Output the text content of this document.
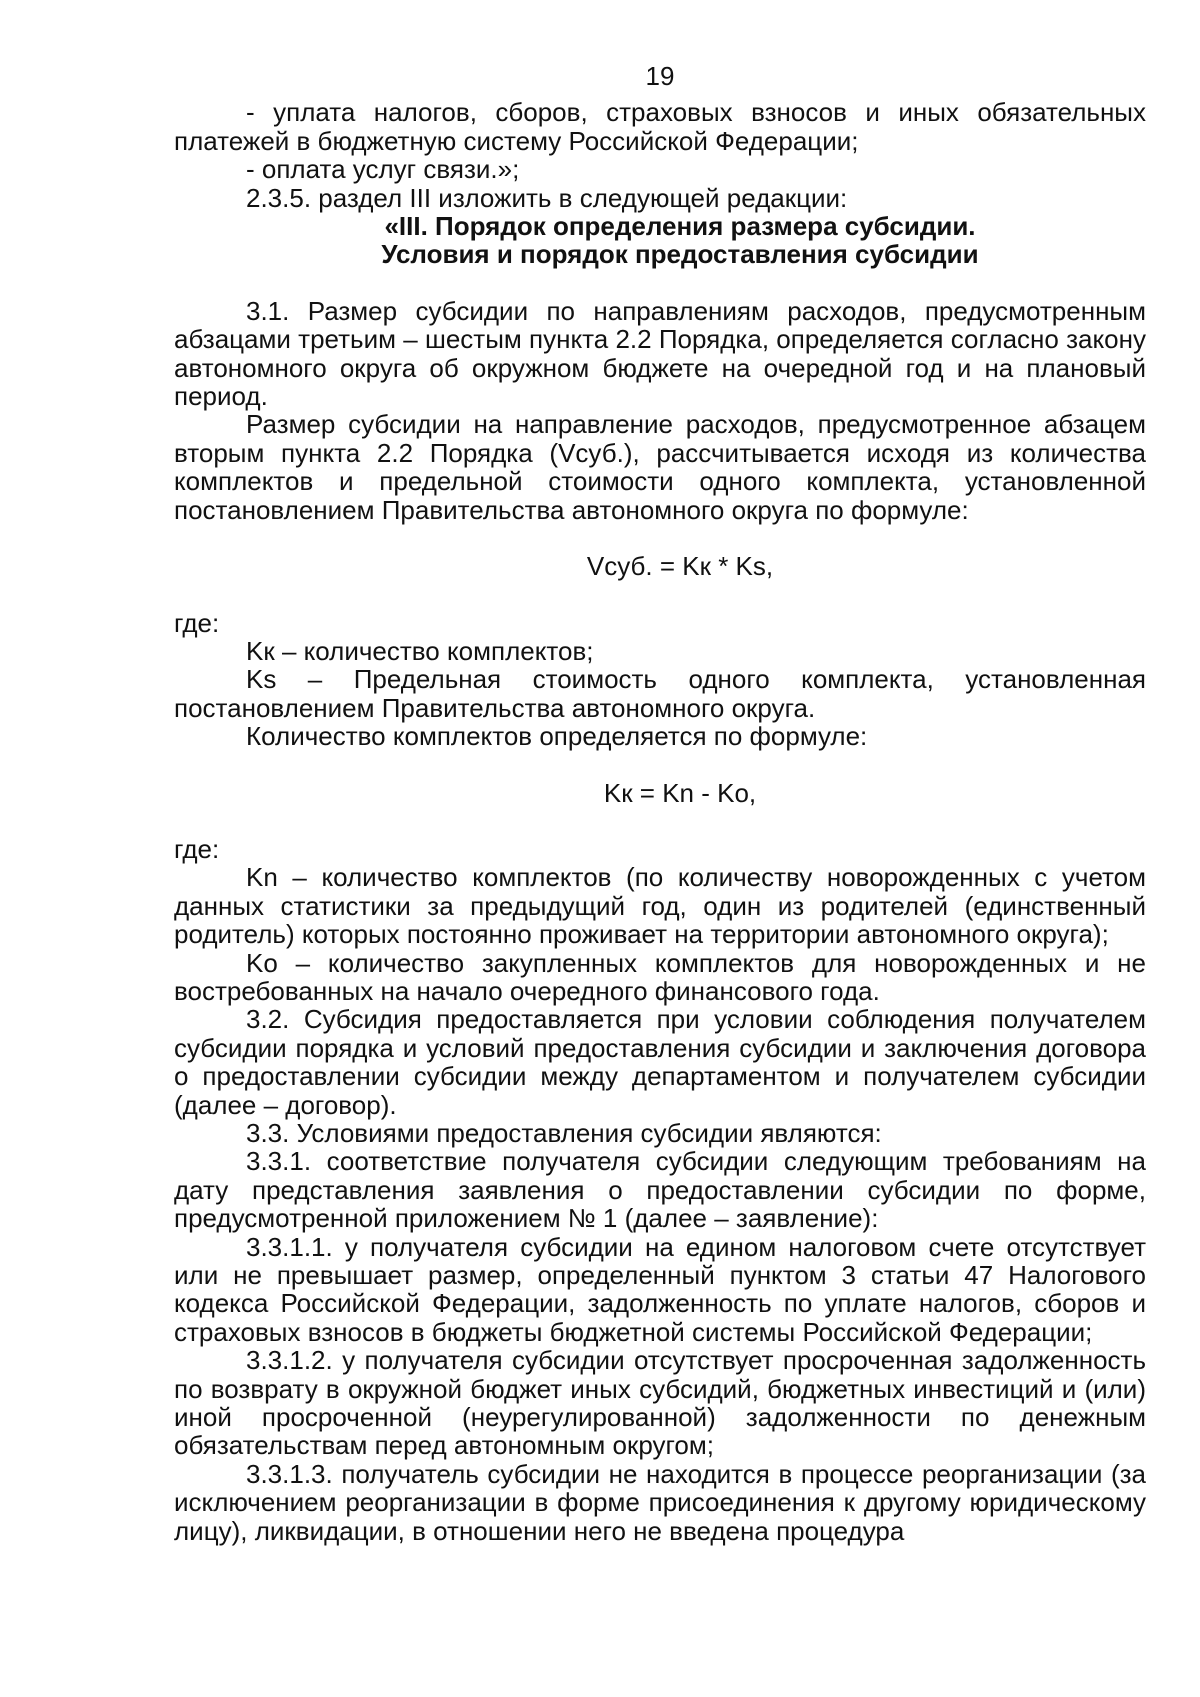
19

- уплата налогов, сборов, страховых взносов и иных обязательных платежей в бюджетную систему Российской Федерации;

- оплата услуг связи.»;

2.3.5. раздел III изложить в следующей редакции:

«III. Порядок определения размера субсидии.

Условия и порядок предоставления субсидии

3.1. Размер субсидии по направлениям расходов, предусмотренным абзацами третьим – шестым пункта 2.2 Порядка, определяется согласно закону автономного округа об окружном бюджете на очередной год и на плановый период.

Размер субсидии на направление расходов, предусмотренное абзацем вторым пункта 2.2 Порядка (Vсуб.), рассчитывается исходя из количества комплектов и предельной стоимости одного комплекта, установленной постановлением Правительства автономного округа по формуле:

Vсуб. = Kк * Ks,

где:

Kк – количество комплектов;

Ks – Предельная стоимость одного комплекта, установленная постановлением Правительства автономного округа.

Количество комплектов определяется по формуле:

Kк = Kn - Ko,

где:

Kn – количество комплектов (по количеству новорожденных с учетом данных статистики за предыдущий год, один из родителей (единственный родитель) которых постоянно проживает на территории автономного округа);

Ko – количество закупленных комплектов для новорожденных и не востребованных на начало очередного финансового года.

3.2. Субсидия предоставляется при условии соблюдения получателем субсидии порядка и условий предоставления субсидии и заключения договора о предоставлении субсидии между департаментом и получателем субсидии (далее – договор).

3.3. Условиями предоставления субсидии являются:

3.3.1. соответствие получателя субсидии следующим требованиям на дату представления заявления о предоставлении субсидии по форме, предусмотренной приложением № 1 (далее – заявление):

3.3.1.1. у получателя субсидии на едином налоговом счете отсутствует или не превышает размер, определенный пунктом 3 статьи 47 Налогового кодекса Российской Федерации, задолженность по уплате налогов, сборов и страховых взносов в бюджеты бюджетной системы Российской Федерации;

3.3.1.2. у получателя субсидии отсутствует просроченная задолженность по возврату в окружной бюджет иных субсидий, бюджетных инвестиций и (или) иной просроченной (неурегулированной) задолженности по денежным обязательствам перед автономным округом;

3.3.1.3. получатель субсидии не находится в процессе реорганизации (за исключением реорганизации в форме присоединения к другому юридическому лицу), ликвидации, в отношении него не введена процедура
